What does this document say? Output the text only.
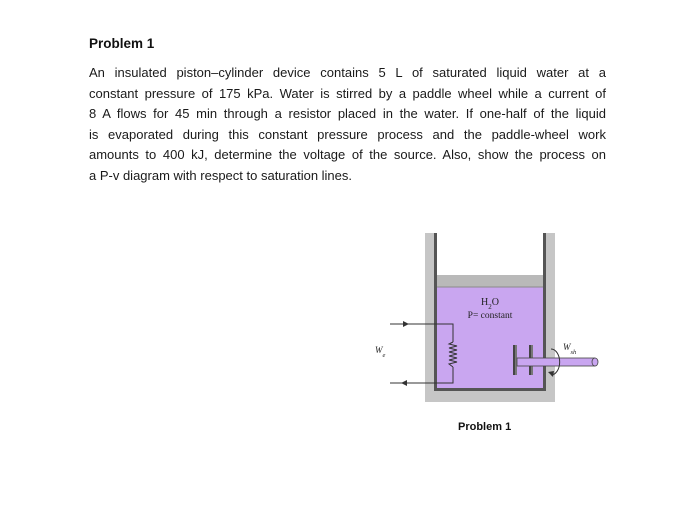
Problem 1
An insulated piston–cylinder device contains 5 L of saturated liquid water at a
constant pressure of 175 kPa. Water is stirred by a paddle wheel while a current of
8 A flows for 45 min through a resistor placed in the water. If one-half of the liquid
is evaporated during this constant pressure process and the paddle-wheel work
amounts to 400 kJ, determine the voltage of the source. Also, show the process on
a P-v diagram with respect to saturation lines.
$H_2O$
P= constant
$W_e$
$W_{sh}$
Problem 1
